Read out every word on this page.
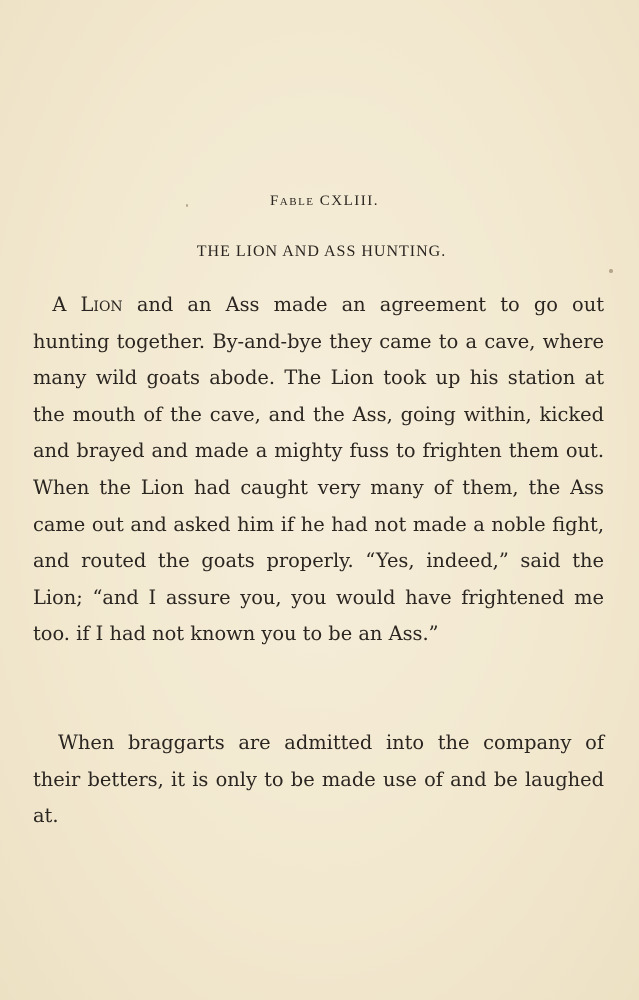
Fable CXLIII.
THE LION AND ASS HUNTING.

 A Lion and an Ass made an agreement to go out hunting together. By-and-bye they came to a cave, where many wild goats abode. The Lion took up his station at the mouth of the cave, and the Ass, going within, kicked and brayed and made a mighty fuss to frighten them out. When the Lion had caught very many of them, the Ass came out and asked him if he had not made a noble fight, and routed the goats properly. “Yes, indeed,” said the Lion; “and I assure you, you would have frightened me too. if I had not known you to be an Ass.”

When braggarts are admitted into the company of their betters, it is only to be made use of and be laughed at.
